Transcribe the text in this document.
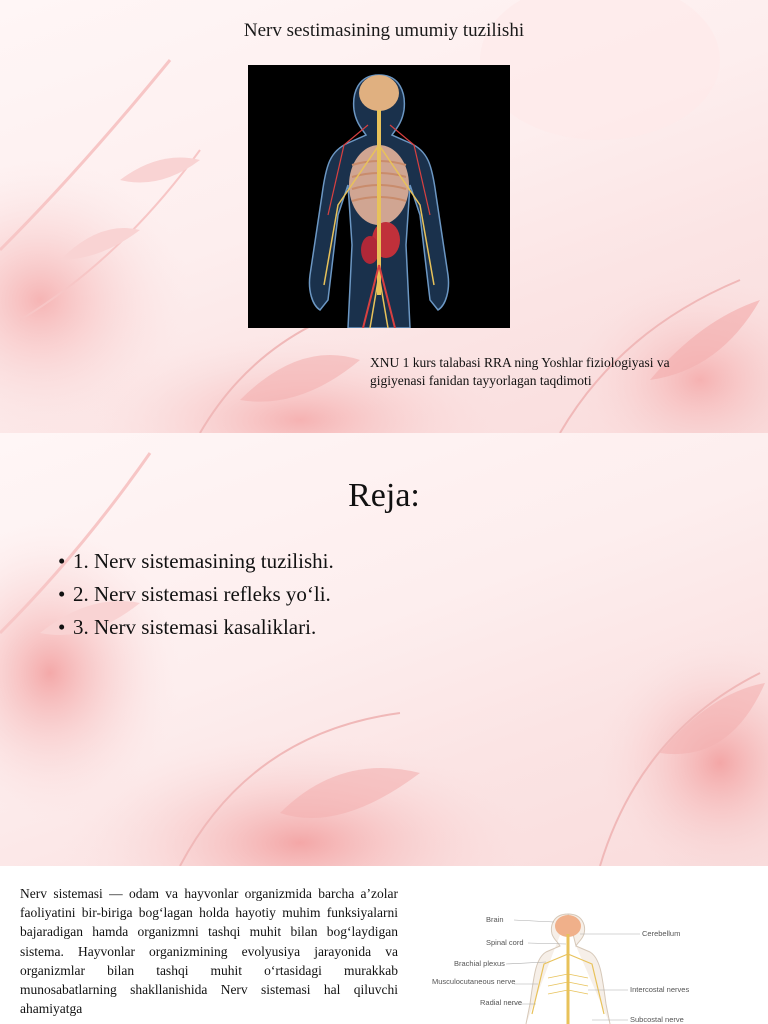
Nerv sestimasining umumiy tuzilishi
XNU 1 kurs talabasi RRA ning Yoshlar fiziologiyasi va gigiyenasi fanidan tayyorlagan taqdimoti
Reja:
• 1. Nerv sistemasining tuzilishi.
• 2. Nerv sistemasi refleks yo‘li.
• 3. Nerv sistemasi kasaliklari.

Nerv sistemasi — odam va hayvonlar organizmida barcha a’zolar faoliyatini bir-biriga bog‘lagan holda hayotiy muhim funksiyalarni bajaradigan hamda organizmni tashqi muhit bilan bog‘laydigan sistema. Hayvonlar organizmining evolyusiya jarayonida va organizmlar bilan tashqi muhit o‘rtasidagi murakkab munosabatlarning shakllanishida Nerv sistemasi hal qiluvchi ahamiyatga

Brain
Spinal cord
Brachial plexus
Musculocutaneous nerve
Radial nerve
Cerebellum
Intercostal nerves
Subcostal nerve
